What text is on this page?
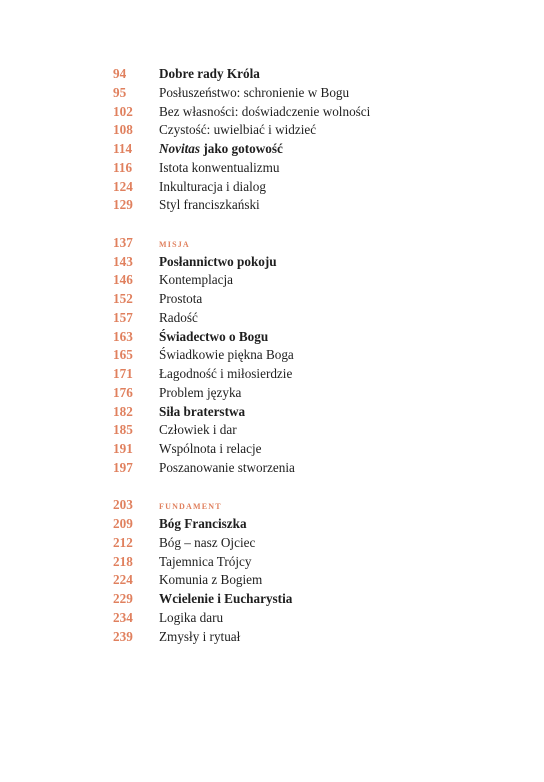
94	Dobre rady Króla
95	Posłuszeństwo: schronienie w Bogu
102	Bez własności: doświadczenie wolności
108	Czystość: uwielbiać i widzieć
114	Novitas jako gotowość
116	Istota konwentualizmu
124	Inkulturacja i dialog
129	Styl franciszkański
137	misja
143	Posłannictwo pokoju
146	Kontemplacja
152	Prostota
157	Radość
163	Świadectwo o Bogu
165	Świadkowie piękna Boga
171	Łagodność i miłosierdzie
176	Problem języka
182	Siła braterstwa
185	Człowiek i dar
191	Wspólnota i relacje
197	Poszanowanie stworzenia
203	fundament
209	Bóg Franciszka
212	Bóg – nasz Ojciec
218	Tajemnica Trójcy
224	Komunia z Bogiem
229	Wcielenie i Eucharystia
234	Logika daru
239	Zmysły i rytuał
